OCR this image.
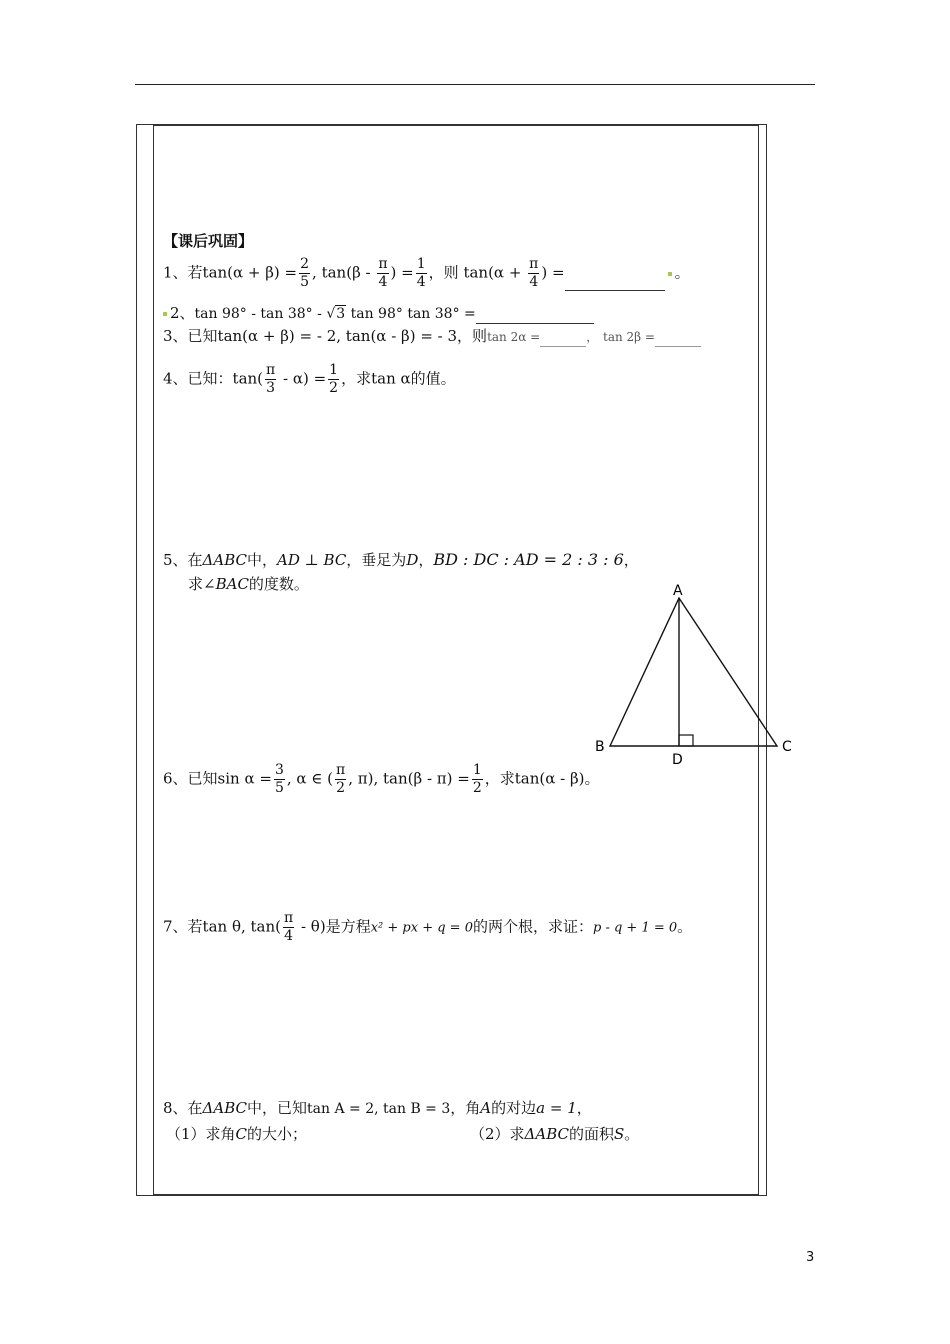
【课后巩固】
1、若$\tan(\alpha + \beta) = \frac{2}{5}$ , $\tan(\beta - \frac{\pi}{4}$ ) = $\frac{1}{4}$ ，则 $\tan(\alpha + \frac{\pi}{4}$ ) =	。
2、tan 98° - tan 38° - √3 tan 98° tan 38° =
3、已知tan(α + β) = - 2, tan(α - β) = - 3，则tan 2α =	， tan 2β =
4、已知：$\tan( \frac{\pi}{3} - \alpha) = \frac{1}{2}$ ，求tan α的值。
5、在ΔABC中，AD ⊥ BC，垂足为D，BD : DC : AD = 2 : 3 : 6，
求∠BAC的度数。	A
B	C
D
6、已知$\sin \alpha = \frac{3}{5}$ , α ∈ ( $\frac{\pi}{2}$ , π), $\tan(\beta - \pi) = \frac{1}{2}$ ，求tan(α - β)。
7、若tan θ, $\tan( \frac{\pi}{4} - \theta)$是方程x² + px + q = 0的两个根，求证：p - q + 1 = 0。
8、在ΔABC中，已知tan A = 2, tan B = 3，角A的对边a = 1，
（1）求角C的大小；	（2）求ΔABC的面积S。
3
